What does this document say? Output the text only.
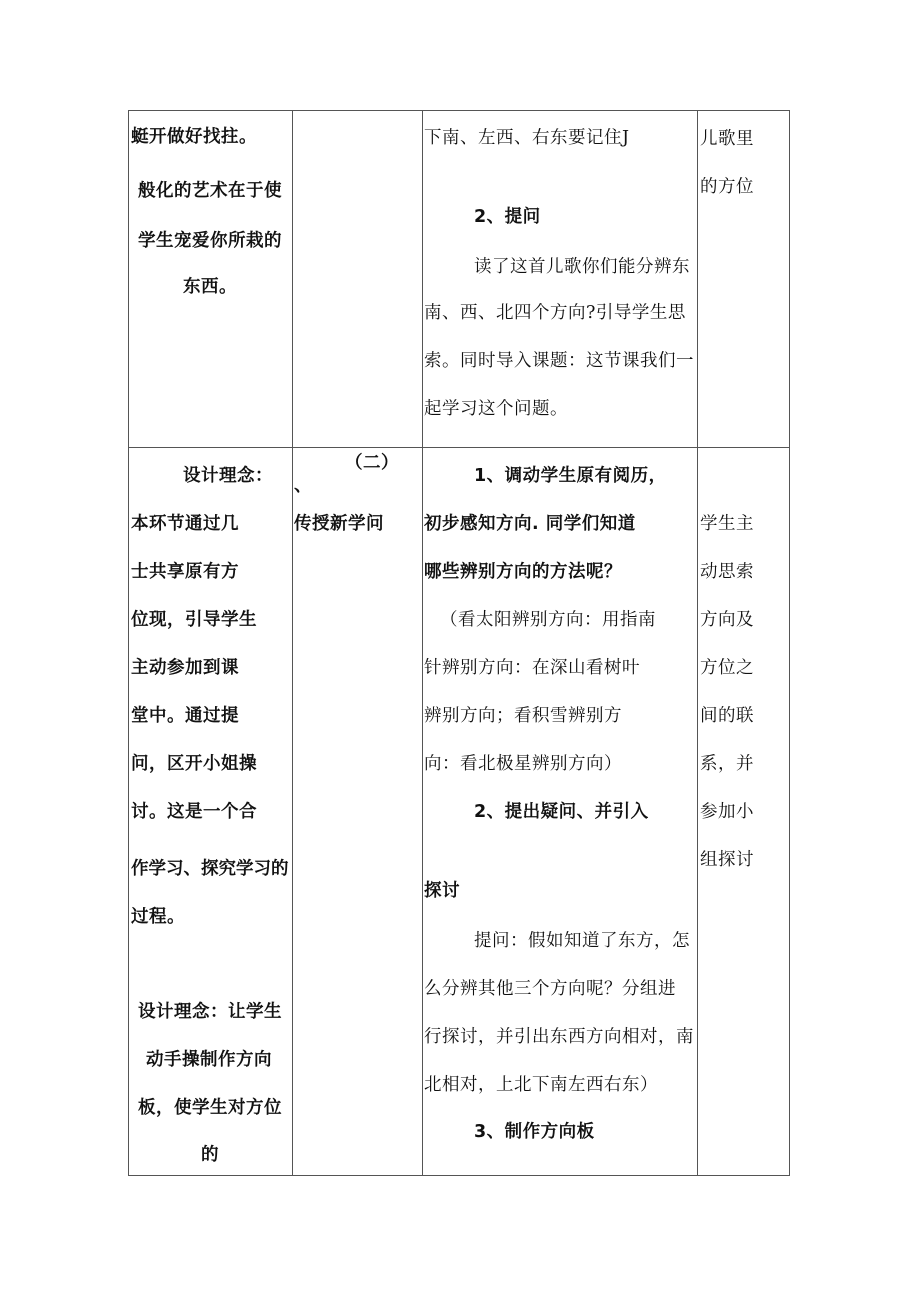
蜓开做好找拄。
般化的艺术在于使
学生宠爱你所栽的
东西。
下南、左西、右东要记住J
2、提问
读了这首儿歌你们能分辨东
南、西、北四个方向?引导学生思
索。同时导入课题：这节课我们一
起学习这个问题。
儿歌里
的方位
设计理念：
本环节通过几
士共享原有方
位现，引导学生
主动参加到课
堂中。通过提
问，区开小姐操
讨。这是一个合
作学习、探究学习的
过程。
设计理念：让学生
动手操制作方向
板，使学生对方位
的
（二）
、
传授新学问
1、调动学生原有阅历，
初步感知方向. 同学们知道
哪些辨别方向的方法呢？
（看太阳辨别方向：用指南
针辨别方向：在深山看树叶
辨别方向；看积雪辨别方
向：看北极星辨别方向）
2、提出疑问、并引入
探讨
提问：假如知道了东方，怎
么分辨其他三个方向呢？分组进
行探讨，并引出东西方向相对，南
北相对，上北下南左西右东）
3、制作方向板
学生主
动思索
方向及
方位之
间的联
系，并
参加小
组探讨
